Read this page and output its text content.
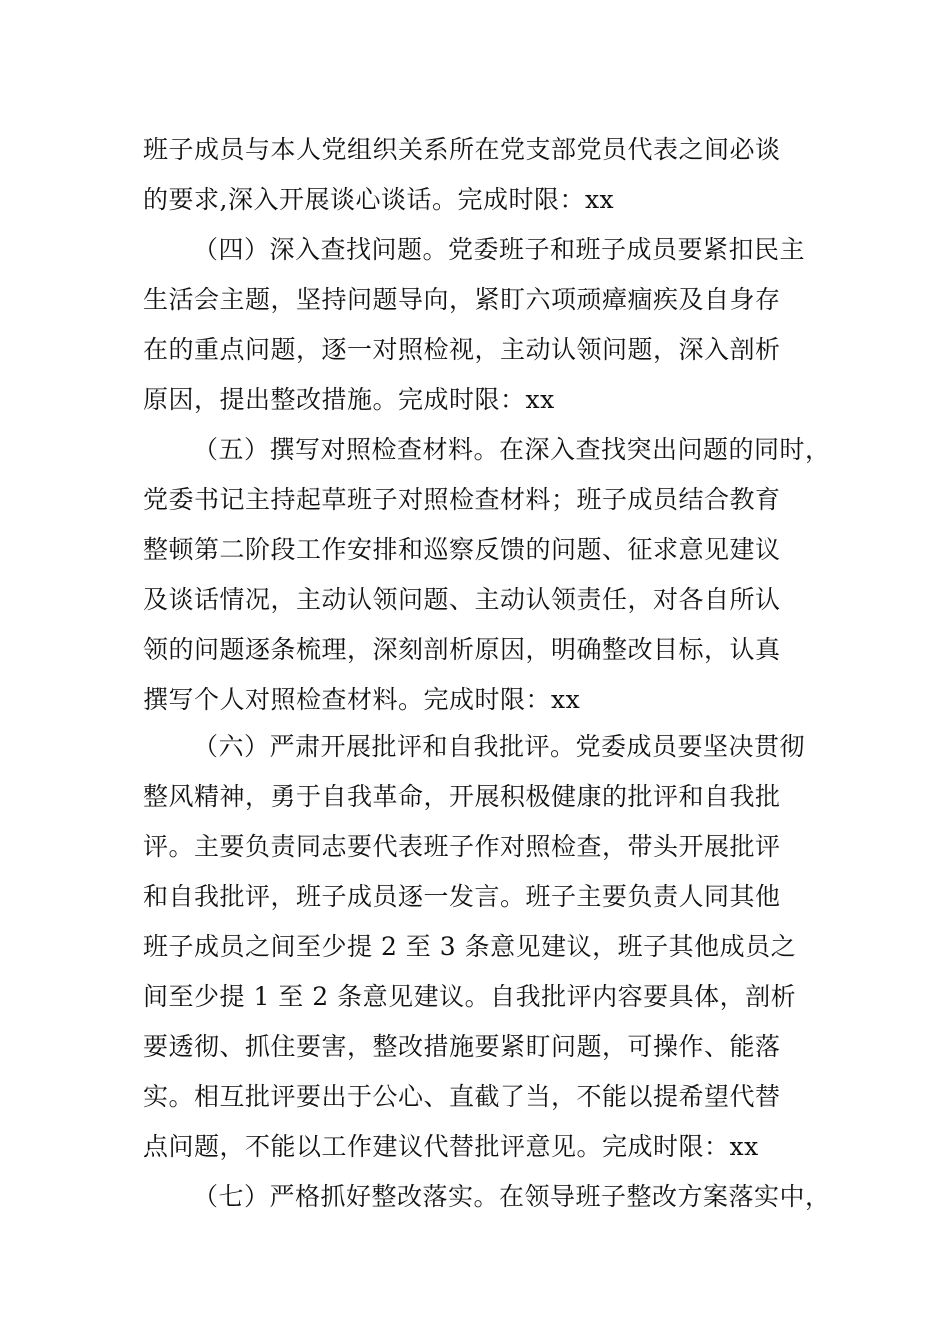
班子成员与本人党组织关系所在党支部党员代表之间必谈
的要求,深入开展谈心谈话。完成时限：xx
（四）深入查找问题。党委班子和班子成员要紧扣民主
生活会主题，坚持问题导向，紧盯六项顽瘴痼疾及自身存
在的重点问题，逐一对照检视，主动认领问题，深入剖析
原因，提出整改措施。完成时限：xx
（五）撰写对照检查材料。在深入查找突出问题的同时，
党委书记主持起草班子对照检查材料；班子成员结合教育
整顿第二阶段工作安排和巡察反馈的问题、征求意见建议
及谈话情况，主动认领问题、主动认领责任，对各自所认
领的问题逐条梳理，深刻剖析原因，明确整改目标，认真
撰写个人对照检查材料。完成时限：xx
（六）严肃开展批评和自我批评。党委成员要坚决贯彻
整风精神，勇于自我革命，开展积极健康的批评和自我批
评。主要负责同志要代表班子作对照检查，带头开展批评
和自我批评，班子成员逐一发言。班子主要负责人同其他
班子成员之间至少提 2 至 3 条意见建议，班子其他成员之
间至少提 1 至 2 条意见建议。自我批评内容要具体，剖析
要透彻、抓住要害，整改措施要紧盯问题，可操作、能落
实。相互批评要出于公心、直截了当，不能以提希望代替
点问题，不能以工作建议代替批评意见。完成时限：xx
（七）严格抓好整改落实。在领导班子整改方案落实中，
